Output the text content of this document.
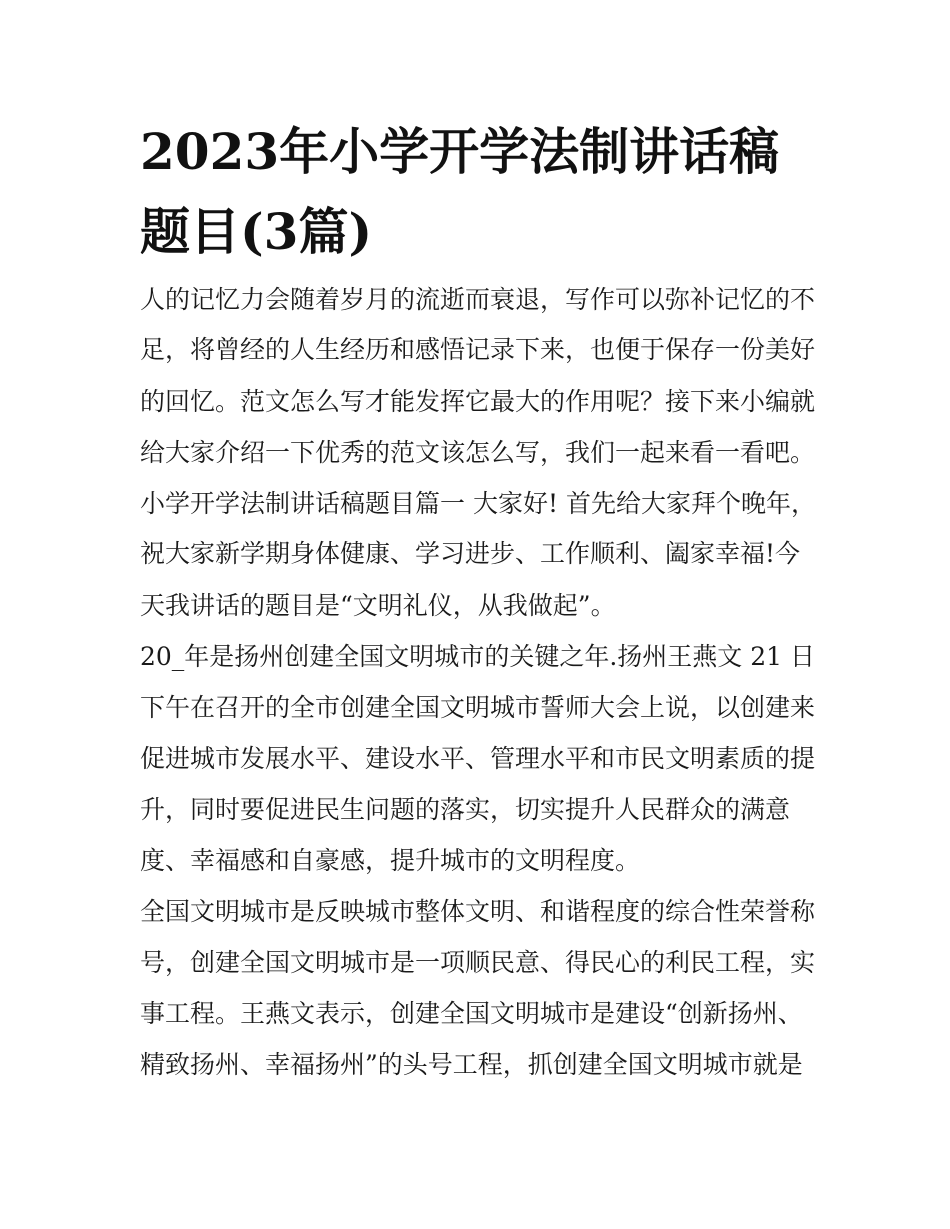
2023年小学开学法制讲话稿题目(3篇)

人的记忆力会随着岁月的流逝而衰退，写作可以弥补记忆的不

足，将曾经的人生经历和感悟记录下来，也便于保存一份美好

的回忆。范文怎么写才能发挥它最大的作用呢？接下来小编就

给大家介绍一下优秀的范文该怎么写，我们一起来看一看吧。

小学开学法制讲话稿题目篇一 大家好! 首先给大家拜个晚年，

祝大家新学期身体健康、学习进步、工作顺利、阖家幸福!今

天我讲话的题目是“文明礼仪，从我做起”。

20_年是扬州创建全国文明城市的关键之年.扬州王燕文 21 日

下午在召开的全市创建全国文明城市誓师大会上说，以创建来

促进城市发展水平、建设水平、管理水平和市民文明素质的提

升，同时要促进民生问题的落实，切实提升人民群众的满意

度、幸福感和自豪感，提升城市的文明程度。

全国文明城市是反映城市整体文明、和谐程度的综合性荣誉称

号，创建全国文明城市是一项顺民意、得民心的利民工程，实

事工程。王燕文表示，创建全国文明城市是建设“创新扬州、

精致扬州、幸福扬州”的头号工程，抓创建全国文明城市就是
